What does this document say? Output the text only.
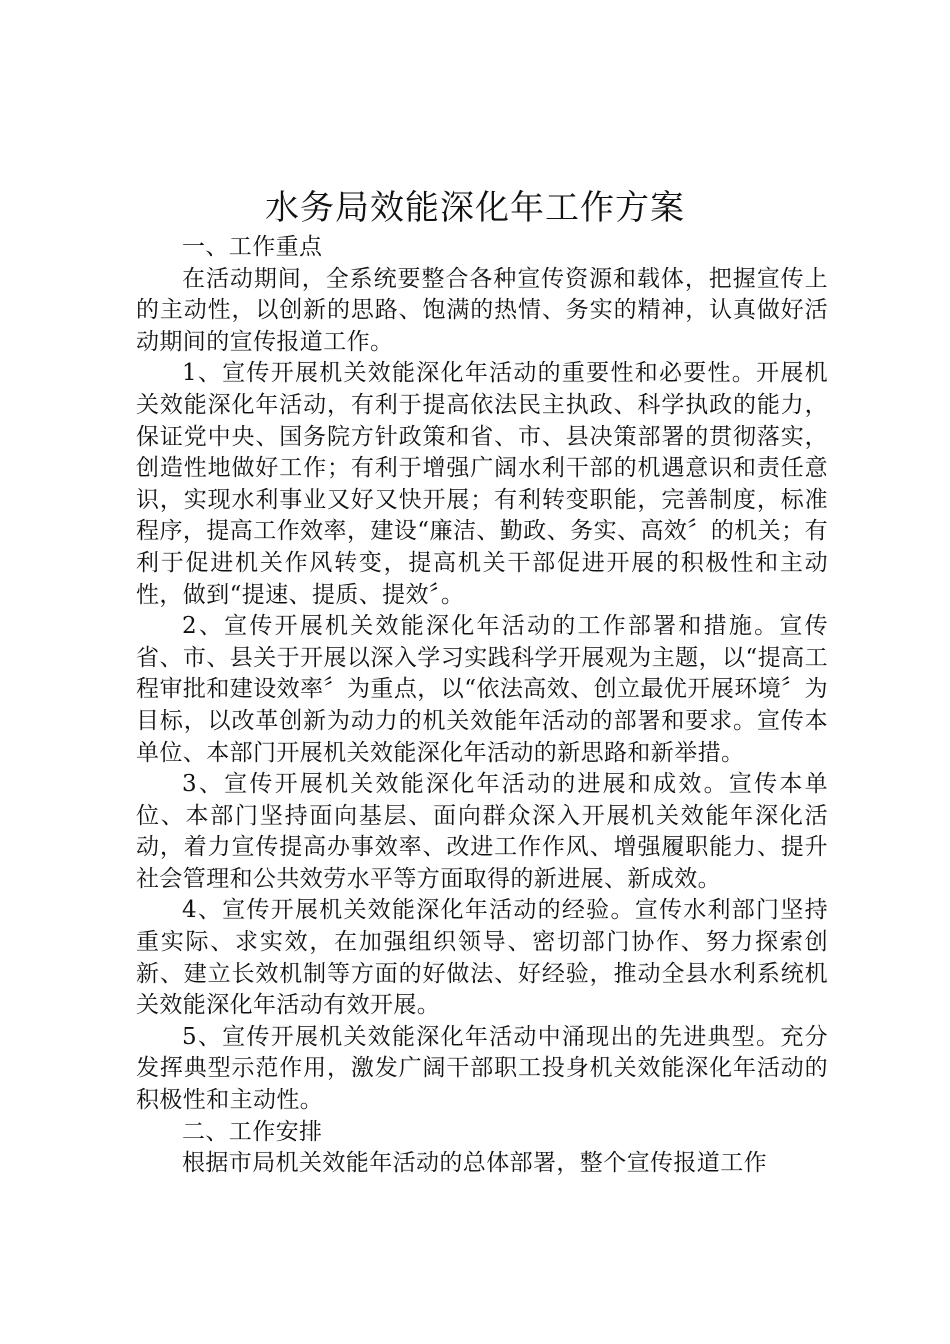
水务局效能深化年工作方案

一、工作重点

在活动期间，全系统要整合各种宣传资源和载体，把握宣传上的主动性，以创新的思路、饱满的热情、务实的精神，认真做好活动期间的宣传报道工作。

1、宣传开展机关效能深化年活动的重要性和必要性。开展机关效能深化年活动，有利于提高依法民主执政、科学执政的能力，保证党中央、国务院方针政策和省、市、县决策部署的贯彻落实，创造性地做好工作；有利于增强广阔水利干部的机遇意识和责任意识，实现水利事业又好又快开展；有利转变职能，完善制度，标准程序，提高工作效率，建设“廉洁、勤政、务实、高效〞的机关；有利于促进机关作风转变，提高机关干部促进开展的积极性和主动性，做到“提速、提质、提效〞。

2、宣传开展机关效能深化年活动的工作部署和措施。宣传省、市、县关于开展以深入学习实践科学开展观为主题，以“提高工程审批和建设效率〞为重点，以“依法高效、创立最优开展环境〞为目标，以改革创新为动力的机关效能年活动的部署和要求。宣传本单位、本部门开展机关效能深化年活动的新思路和新举措。

3、宣传开展机关效能深化年活动的进展和成效。宣传本单位、本部门坚持面向基层、面向群众深入开展机关效能年深化活动，着力宣传提高办事效率、改进工作作风、增强履职能力、提升社会管理和公共效劳水平等方面取得的新进展、新成效。

4、宣传开展机关效能深化年活动的经验。宣传水利部门坚持重实际、求实效，在加强组织领导、密切部门协作、努力探索创新、建立长效机制等方面的好做法、好经验，推动全县水利系统机关效能深化年活动有效开展。

5、宣传开展机关效能深化年活动中涌现出的先进典型。充分发挥典型示范作用，激发广阔干部职工投身机关效能深化年活动的积极性和主动性。

二、工作安排

根据市局机关效能年活动的总体部署，整个宣传报道工作
